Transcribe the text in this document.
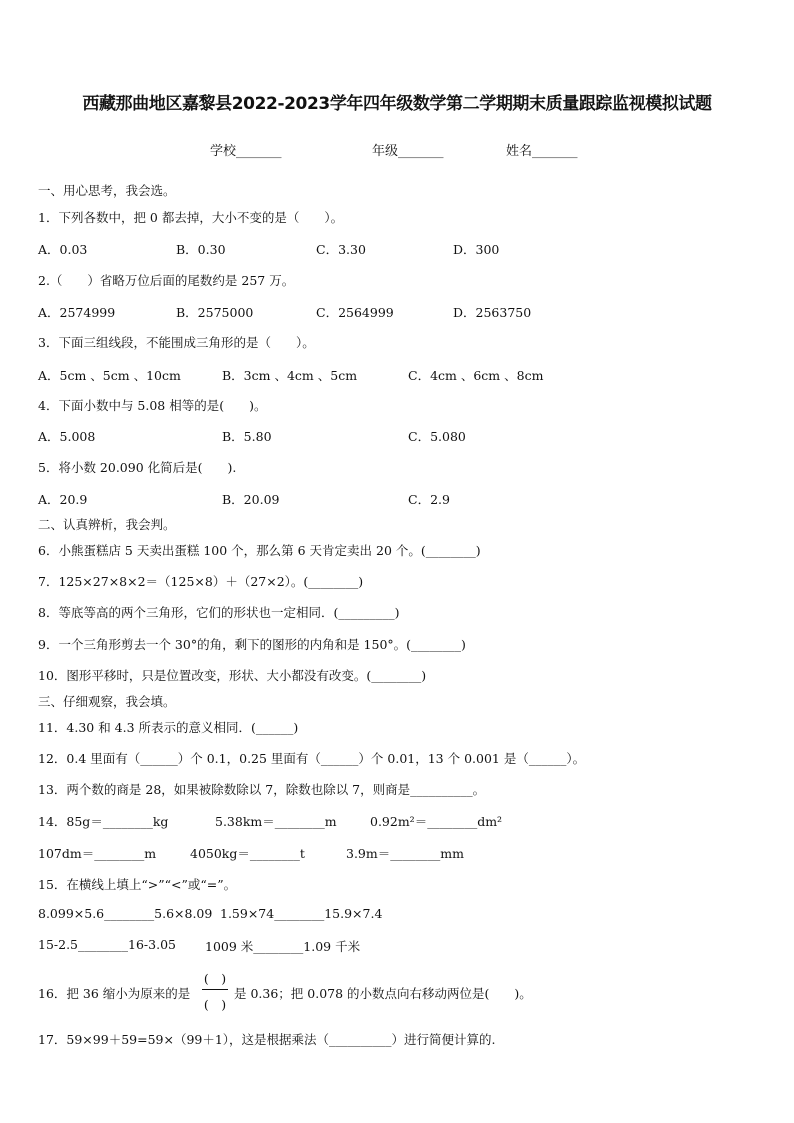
西藏那曲地区嘉黎县2022-2023学年四年级数学第二学期期末质量跟踪监视模拟试题
学校_______	年级_______	姓名_______
一、用心思考，我会选。
1．下列各数中，把 0 都去掉，大小不变的是（　　）。
A．0.03	B．0.30	C．3.30	D．300
2.（　　）省略万位后面的尾数约是 257 万。
A．2574999	B．2575000	C．2564999	D．2563750
3．下面三组线段，不能围成三角形的是（　　）。
A．5cm 、5cm 、10cm	B．3cm 、4cm 、5cm	C．4cm 、6cm 、8cm
4．下面小数中与 5.08 相等的是(　　)。
A．5.008	B．5.80	C．5.080
5．将小数 20.090 化简后是(　　).
A．20.9	B．20.09	C．2.9
二、认真辨析，我会判。
6．小熊蛋糕店 5 天卖出蛋糕 100 个，那么第 6 天肯定卖出 20 个。(________)
7．125×27×8×2＝（125×8）＋（27×2）。(________)
8．等底等高的两个三角形，它们的形状也一定相同．(_________)
9．一个三角形剪去一个 30°的角，剩下的图形的内角和是 150°。(________)
10．图形平移时，只是位置改变，形状、大小都没有改变。(________)
三、仔细观察，我会填。
11．4.30 和 4.3 所表示的意义相同．(______)
12．0.4 里面有（______）个 0.1，0.25 里面有（______）个 0.01，13 个 0.001 是（______）。
13．两个数的商是 28，如果被除数除以 7，除数也除以 7，则商是__________。
14．85g＝________kg	5.38km＝________m	0.92m²＝________dm²
107dm＝________m	4050kg＝________t	3.9m＝________mm
15．在横线上填上“>”“<”或“=”。
8.099×5.6________5.6×8.09 1.59×74________15.9×7.4
15-2.5________16-3.05 1009 米________1.09 千米
16．把 36 缩小为原来的是
(　)
(　)
是 0.36；把 0.078 的小数点向右移动两位是(　　)。
17．59×99＋59=59×（99＋1），这是根据乘法（__________）进行简便计算的.
